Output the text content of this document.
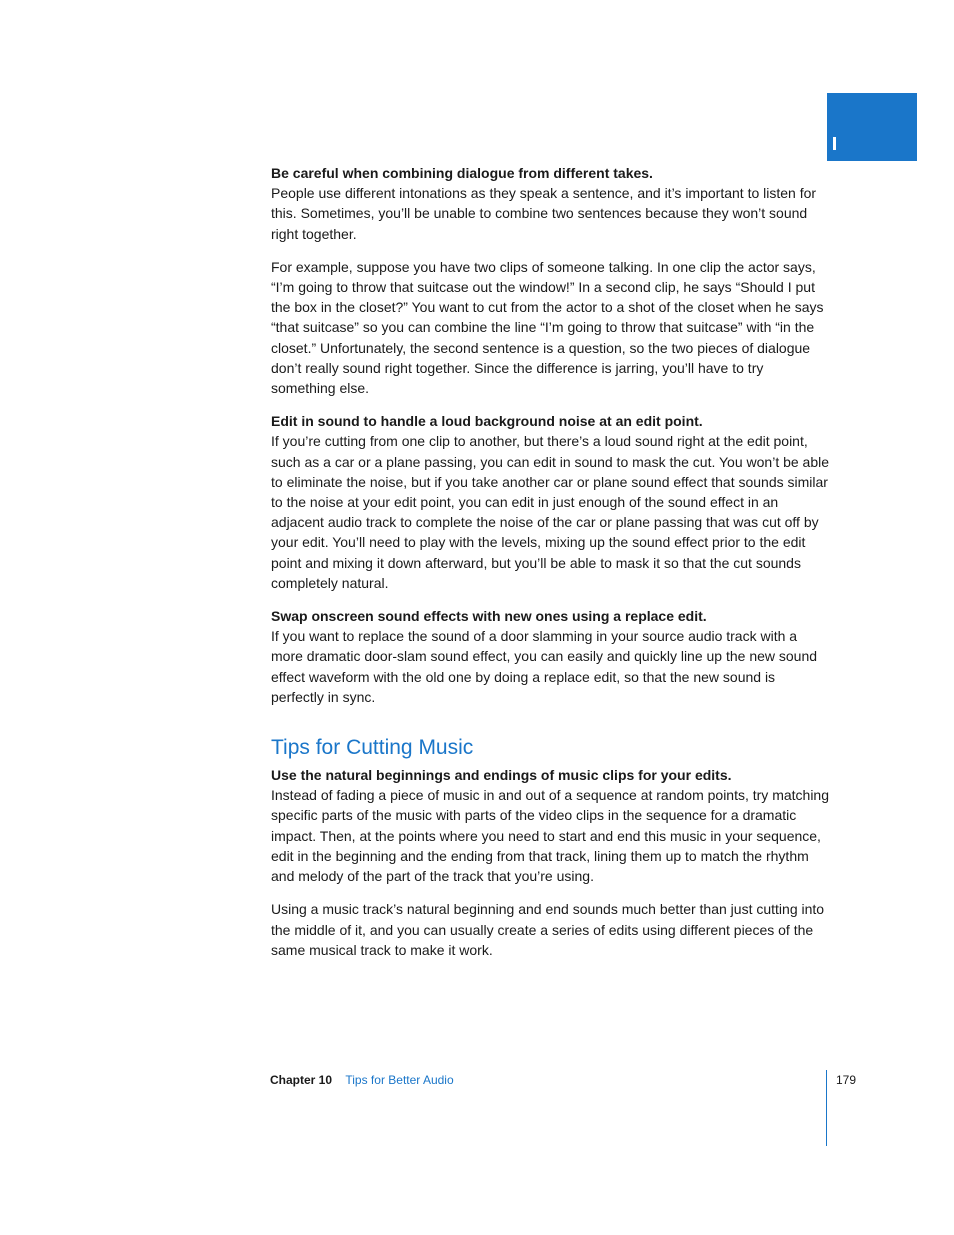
Be careful when combining dialogue from different takes.
People use different intonations as they speak a sentence, and it’s important to listen for this. Sometimes, you’ll be unable to combine two sentences because they won’t sound right together.

For example, suppose you have two clips of someone talking. In one clip the actor says, “I’m going to throw that suitcase out the window!” In a second clip, he says “Should I put the box in the closet?” You want to cut from the actor to a shot of the closet when he says “that suitcase” so you can combine the line “I’m going to throw that suitcase” with “in the closet.” Unfortunately, the second sentence is a question, so the two pieces of dialogue don’t really sound right together. Since the difference is jarring, you’ll have to try something else.

Edit in sound to handle a loud background noise at an edit point.
If you’re cutting from one clip to another, but there’s a loud sound right at the edit point, such as a car or a plane passing, you can edit in sound to mask the cut. You won’t be able to eliminate the noise, but if you take another car or plane sound effect that sounds similar to the noise at your edit point, you can edit in just enough of the sound effect in an adjacent audio track to complete the noise of the car or plane passing that was cut off by your edit. You’ll need to play with the levels, mixing up the sound effect prior to the edit point and mixing it down afterward, but you’ll be able to mask it so that the cut sounds completely natural.

Swap onscreen sound effects with new ones using a replace edit.
If you want to replace the sound of a door slamming in your source audio track with a more dramatic door-slam sound effect, you can easily and quickly line up the new sound effect waveform with the old one by doing a replace edit, so that the new sound is perfectly in sync.

Tips for Cutting Music

Use the natural beginnings and endings of music clips for your edits.
Instead of fading a piece of music in and out of a sequence at random points, try matching specific parts of the music with parts of the video clips in the sequence for a dramatic impact. Then, at the points where you need to start and end this music in your sequence, edit in the beginning and the ending from that track, lining them up to match the rhythm and melody of the part of the track that you’re using.

Using a music track’s natural beginning and end sounds much better than just cutting into the middle of it, and you can usually create a series of edits using different pieces of the same musical track to make it work.

Chapter 10 Tips for Better Audio	179
